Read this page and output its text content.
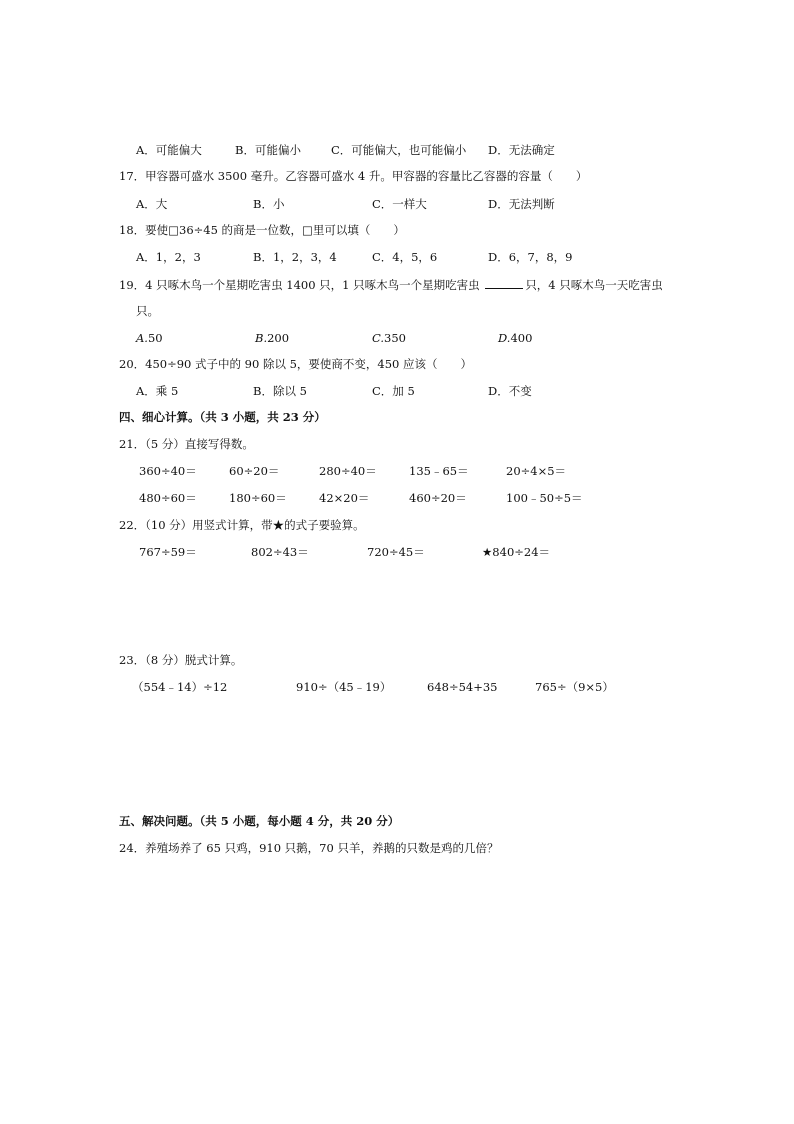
A．可能偏大	B．可能偏小	C．可能偏大，也可能偏小 D．无法确定
17．甲容器可盛水 3500 毫升。乙容器可盛水 4 升。甲容器的容量比乙容器的容量（　　）
A．大	B．小	C．一样大	D．无法判断
18．要使□36÷45 的商是一位数，□里可以填（　　）
A．1，2，3	B．1，2，3，4	C．4，5，6	D．6，7，8，9
19．4 只啄木鸟一个星期吃害虫 1400 只，1 只啄木鸟一个星期吃害虫	只，4 只啄木鸟一天吃害虫
只。
A.50	B.200	C.350	D.400
20．450÷90 式子中的 90 除以 5，要使商不变，450 应该（　　）
A．乘 5	B．除以 5	C．加 5	D．不变
四、细心计算。（共 3 小题，共 23 分）
21．（5 分）直接写得数。
360÷40＝	60÷20＝	280÷40＝	135﹣65＝	20÷4×5＝
480÷60＝	180÷60＝	42×20＝	460÷20＝	100﹣50÷5＝
22．（10 分）用竖式计算，带★的式子要验算。
767÷59＝	802÷43＝	720÷45＝	★840÷24＝
23．（8 分）脱式计算。
（554﹣14）÷12	910÷（45﹣19）	648÷54+35	765÷（9×5）
五、解决问题。（共 5 小题，每小题 4 分，共 20 分）
24．养殖场养了 65 只鸡，910 只鹅，70 只羊，养鹅的只数是鸡的几倍？
